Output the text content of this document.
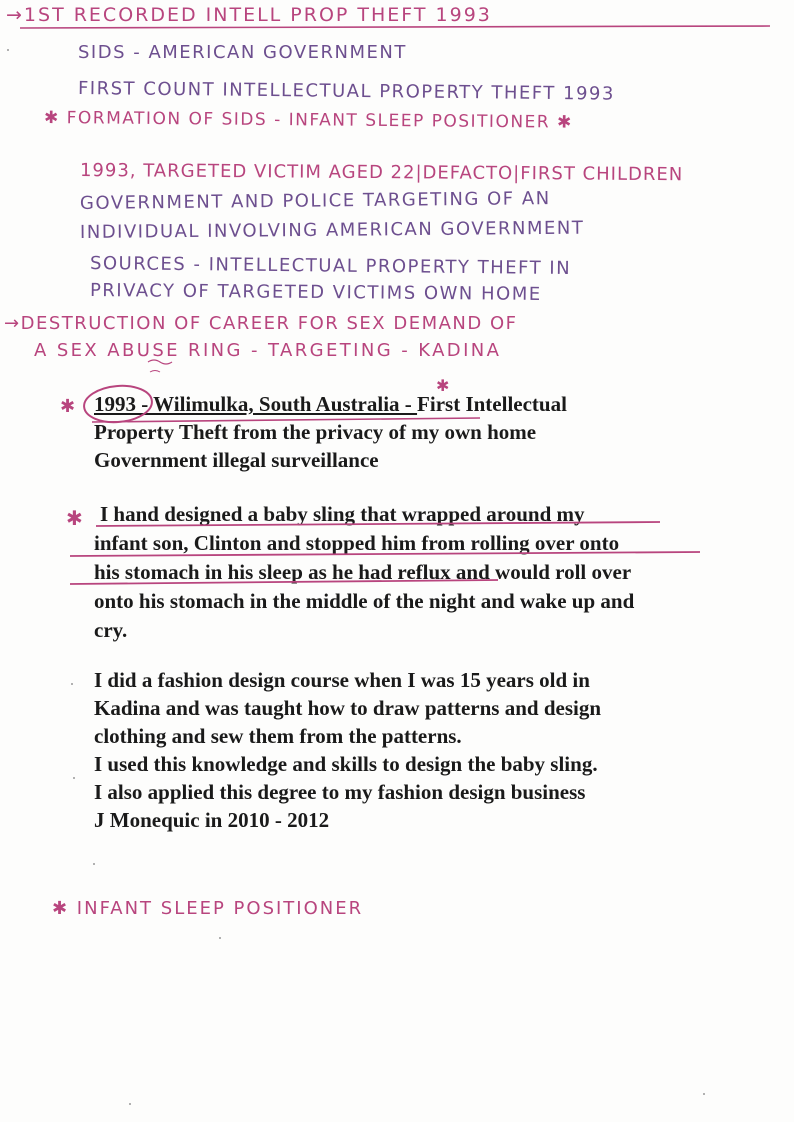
→1ST RECORDED INTELL PROP THEFT 1993
SIDS - AMERICAN GOVERNMENT
FIRST COUNT INTELLECTUAL PROPERTY THEFT 1993
✱ FORMATION OF SIDS - INFANT SLEEP POSITIONER ✱
1993, TARGETED VICTIM AGED 22|DEFACTO|FIRST CHILDREN
GOVERNMENT AND POLICE TARGETING OF AN
INDIVIDUAL INVOLVING AMERICAN GOVERNMENT
SOURCES - INTELLECTUAL PROPERTY THEFT IN
PRIVACY OF TARGETED VICTIMS OWN HOME
→DESTRUCTION OF CAREER FOR SEX DEMAND OF
A SEX ABUSE RING - TARGETING - KADINA
1993 - Wilimulka, South Australia - First Intellectual
Property Theft from the privacy of my own home
Government illegal surveillance
I hand designed a baby sling that wrapped around my
infant son, Clinton and stopped him from rolling over onto
his stomach in his sleep as he had reflux and would roll over
onto his stomach in the middle of the night and wake up and
cry.
I did a fashion design course when I was 15 years old in
Kadina and was taught how to draw patterns and design
clothing and sew them from the patterns.
I used this knowledge and skills to design the baby sling.
I also applied this degree to my fashion design business
J Monequic in 2010 - 2012
✱ INFANT SLEEP POSITIONER
✱
✱
✱
